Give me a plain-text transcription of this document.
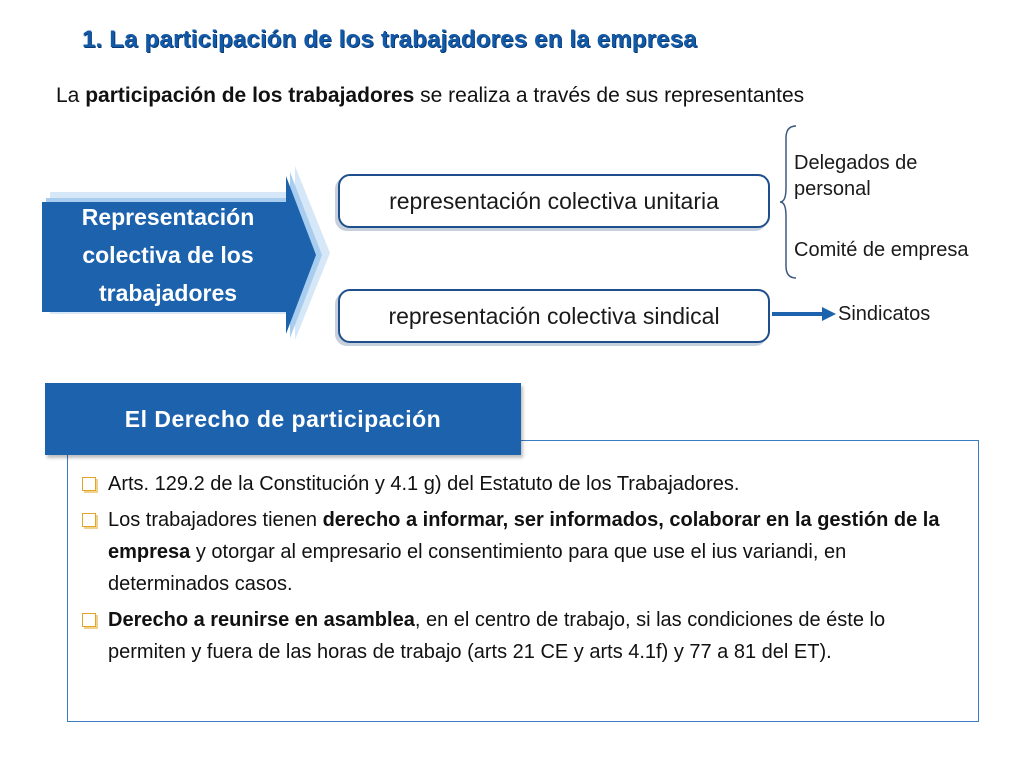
1. La participación de los trabajadores en la empresa
La participación de los trabajadores se realiza a través de sus representantes
Representación
colectiva de los
trabajadores
representación colectiva unitaria
representación colectiva sindical
Delegados de personal
Comité de empresa
Sindicatos
El Derecho de participación
Arts. 129.2 de la Constitución y 4.1 g) del Estatuto de los Trabajadores.
Los trabajadores tienen derecho a informar, ser informados, colaborar en la gestión de la empresa y otorgar al empresario el consentimiento para que use el ius variandi, en determinados casos.
Derecho a reunirse en asamblea, en el centro de trabajo, si las condiciones de éste lo permiten y fuera de las horas de trabajo (arts 21 CE y arts 4.1f) y 77 a 81 del ET).
